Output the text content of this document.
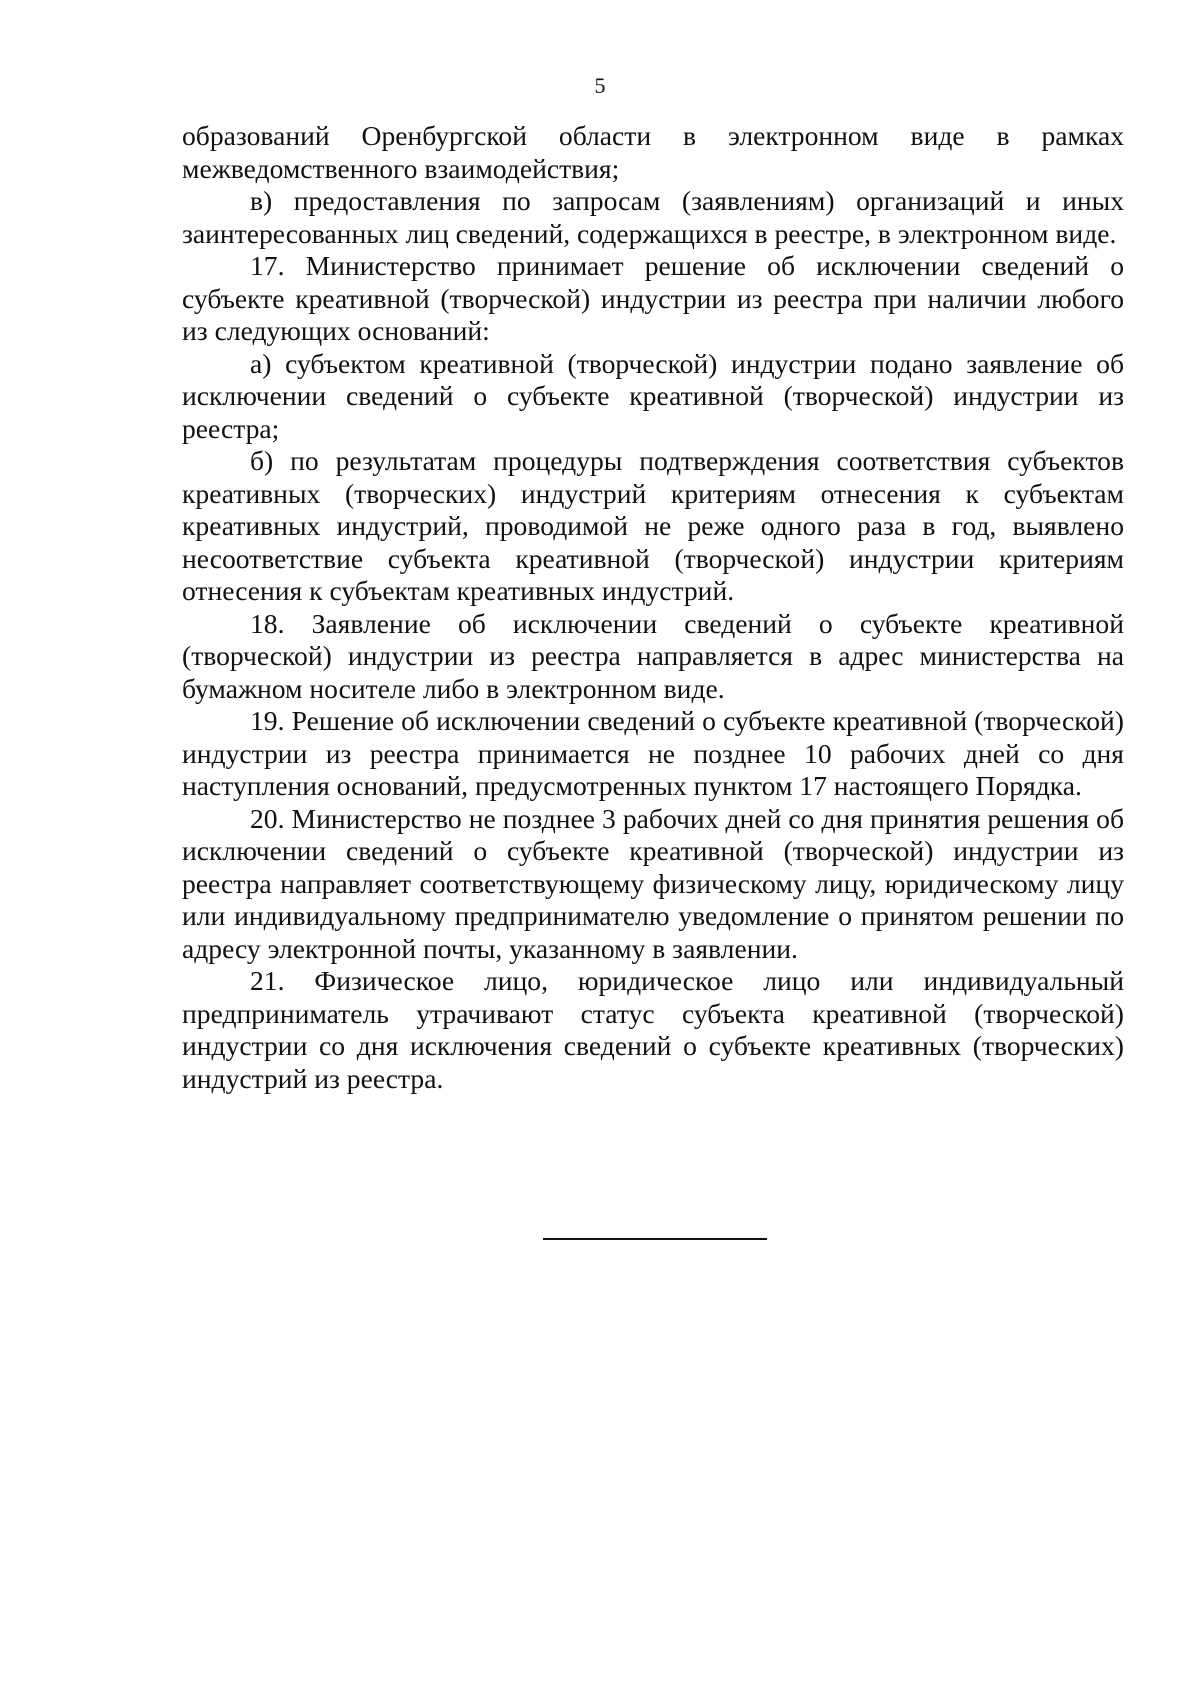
5

образований Оренбургской области в электронном виде в рамках межведомственного взаимодействия;

в) предоставления по запросам (заявлениям) организаций и иных заинтересованных лиц сведений, содержащихся в реестре, в электронном виде.

17. Министерство принимает решение об исключении сведений о субъекте креативной (творческой) индустрии из реестра при наличии любого из следующих оснований:

а) субъектом креативной (творческой) индустрии подано заявление об исключении сведений о субъекте креативной (творческой) индустрии из реестра;

б) по результатам процедуры подтверждения соответствия субъектов креативных (творческих) индустрий критериям отнесения к субъектам креативных индустрий, проводимой не реже одного раза в год, выявлено несоответствие субъекта креативной (творческой) индустрии критериям отнесения к субъектам креативных индустрий.

18. Заявление об исключении сведений о субъекте креативной (творческой) индустрии из реестра направляется в адрес министерства на бумажном носителе либо в электронном виде.

19. Решение об исключении сведений о субъекте креативной (творческой) индустрии из реестра принимается не позднее 10 рабочих дней со дня наступления оснований, предусмотренных пунктом 17 настоящего Порядка.

20. Министерство не позднее 3 рабочих дней со дня принятия решения об исключении сведений о субъекте креативной (творческой) индустрии из реестра направляет соответствующему физическому лицу, юридическому лицу или индивидуальному предпринимателю уведомление о принятом решении по адресу электронной почты, указанному в заявлении.

21. Физическое лицо, юридическое лицо или индивидуальный предприниматель утрачивают статус субъекта креативной (творческой) индустрии со дня исключения сведений о субъекте креативных (творческих) индустрий из реестра.
